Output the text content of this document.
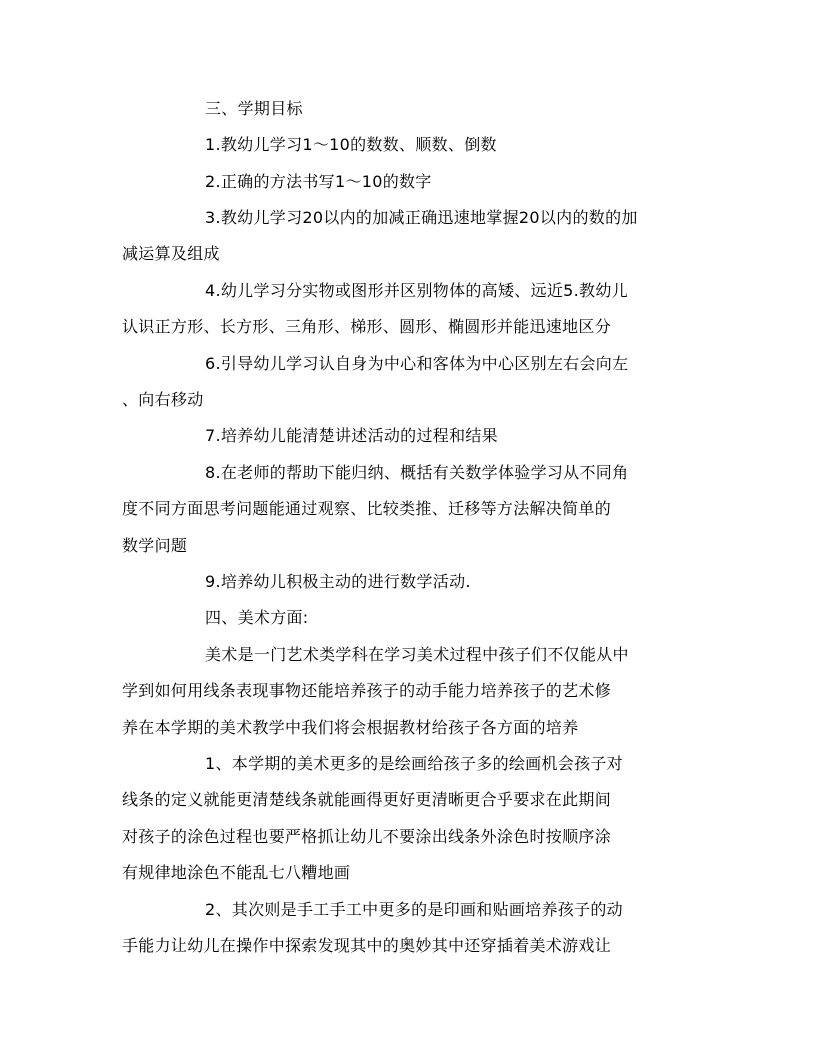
三、学期目标
1.教幼儿学习1～10的数数、顺数、倒数
2.正确的方法书写1～10的数字
3.教幼儿学习20以内的加减正确迅速地掌握20以内的数的加
减运算及组成
4.幼儿学习分实物或图形并区别物体的高矮、远近5.教幼儿
认识正方形、长方形、三角形、梯形、圆形、椭圆形并能迅速地区分
6.引导幼儿学习认自身为中心和客体为中心区别左右会向左
、向右移动
7.培养幼儿能清楚讲述活动的过程和结果
8.在老师的帮助下能归纳、概括有关数学体验学习从不同角
度不同方面思考问题能通过观察、比较类推、迁移等方法解决简单的
数学问题
9.培养幼儿积极主动的进行数学活动.
四、美术方面:
美术是一门艺术类学科在学习美术过程中孩子们不仅能从中
学到如何用线条表现事物还能培养孩子的动手能力培养孩子的艺术修
养在本学期的美术教学中我们将会根据教材给孩子各方面的培养
1、本学期的美术更多的是绘画给孩子多的绘画机会孩子对
线条的定义就能更清楚线条就能画得更好更清晰更合乎要求在此期间
对孩子的涂色过程也要严格抓让幼儿不要涂出线条外涂色时按顺序涂
有规律地涂色不能乱七八糟地画
2、其次则是手工手工中更多的是印画和贴画培养孩子的动
手能力让幼儿在操作中探索发现其中的奥妙其中还穿插着美术游戏让
